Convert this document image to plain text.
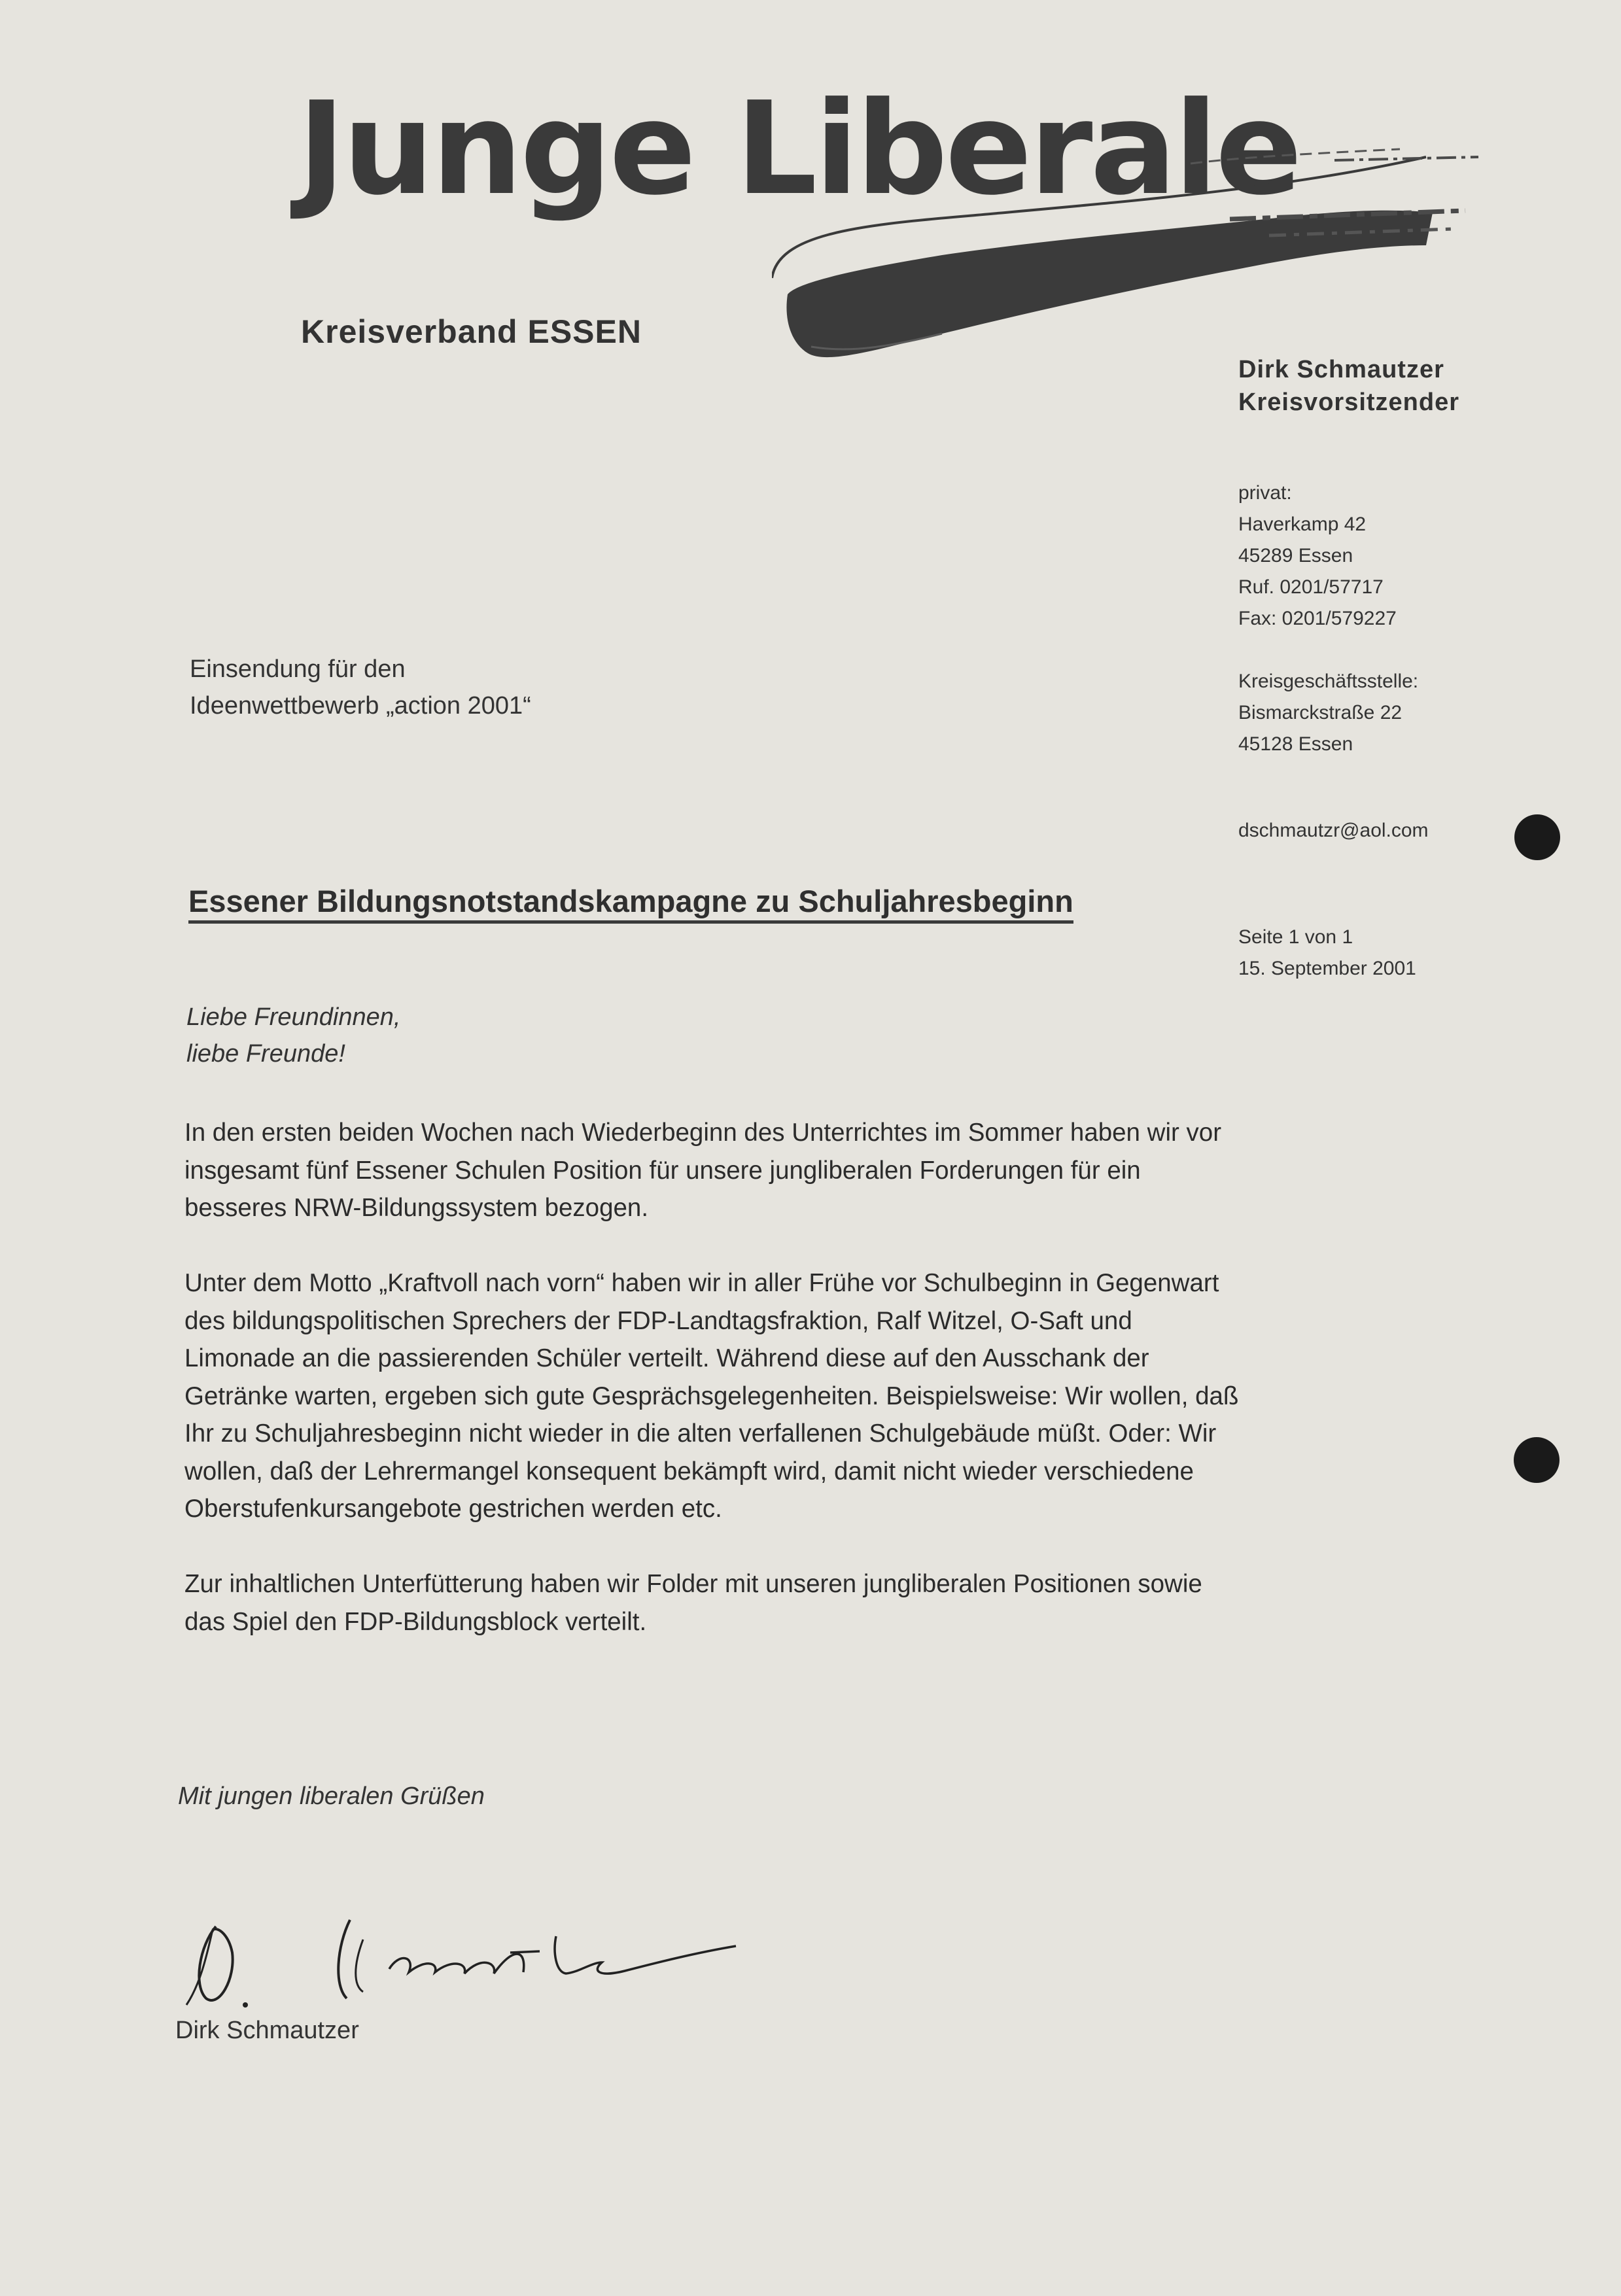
Junge Liberale
Kreisverband ESSEN
Dirk Schmautzer
Kreisvorsitzender
privat:
Haverkamp 42
45289 Essen
Ruf. 0201/57717
Fax: 0201/579227
Kreisgeschäftsstelle:
Bismarckstraße 22
45128 Essen
dschmautzr@aol.com
Seite 1 von 1
15. September 2001
Einsendung für den
Ideenwettbewerb „action 2001“
Essener Bildungsnotstandskampagne zu Schuljahresbeginn
Liebe Freundinnen,
liebe Freunde!

In den ersten beiden Wochen nach Wiederbeginn des Unterrichtes im Sommer haben wir vor insgesamt fünf Essener Schulen Position für unsere jungliberalen Forderungen für ein besseres NRW-Bildungssystem bezogen.

Unter dem Motto „Kraftvoll nach vorn“ haben wir in aller Frühe vor Schulbeginn in Gegenwart des bildungspolitischen Sprechers der FDP-Landtagsfraktion, Ralf Witzel, O-Saft und Limonade an die passierenden Schüler verteilt. Während diese auf den Ausschank der Getränke warten, ergeben sich gute Gesprächsgelegenheiten. Beispielsweise: Wir wollen, daß Ihr zu Schuljahresbeginn nicht wieder in die alten verfallenen Schulgebäude müßt. Oder: Wir wollen, daß der Lehrermangel konsequent bekämpft wird, damit nicht wieder verschiedene Oberstufenkursangebote gestrichen werden etc.

Zur inhaltlichen Unterfütterung haben wir Folder mit unseren jungliberalen Positionen sowie das Spiel den FDP-Bildungsblock verteilt.

Mit jungen liberalen Grüßen
Dirk Schmautzer
